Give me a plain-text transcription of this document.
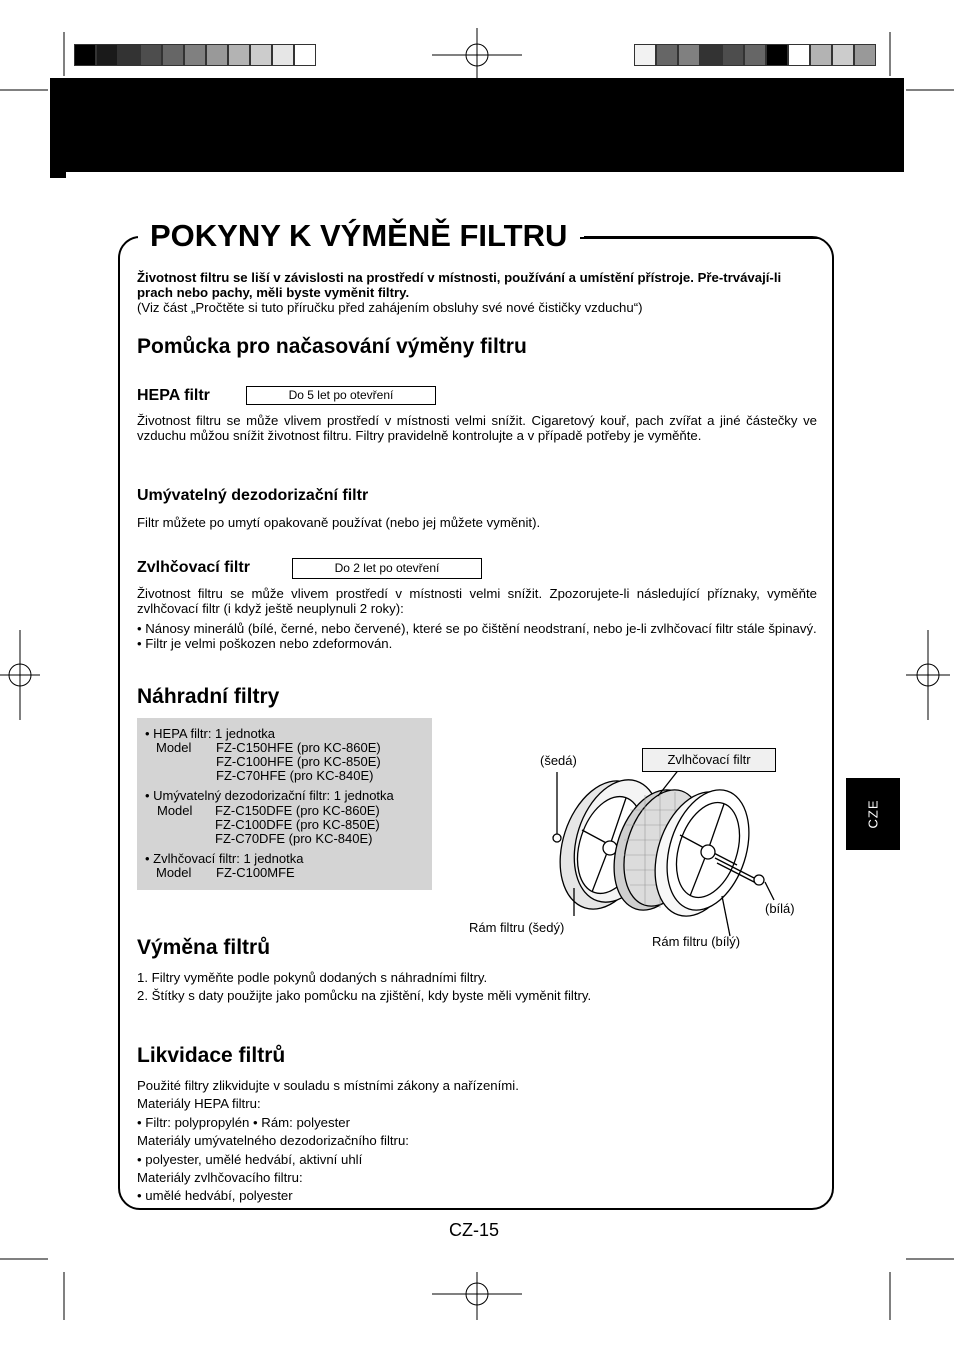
POKYNY K VÝMĚNĚ FILTRU

Životnost filtru se liší v závislosti na prostředí v místnosti, používání a umístění přístroje. Pře-trvávají-li prach nebo pachy, měli byste vyměnit filtry.

(Viz část „Pročtěte si tuto příručku před zahájením obsluhy své nové čističky vzduchu“)

Pomůcka pro načasování výměny filtru
HEPA filtr	Do 5 let po otevření
Životnost filtru se může vlivem prostředí v místnosti velmi snížit. Cigaretový kouř, pach zvířat a jiné částečky ve vzduchu můžou snížit životnost filtru. Filtry pravidelně kontrolujte a v případě potřeby je vyměňte.
Umývatelný dezodorizační filtr
Filtr můžete po umytí opakovaně používat (nebo jej můžete vyměnit).
Zvlhčovací filtr	Do 2 let po otevření
Životnost filtru se může vlivem prostředí v místnosti velmi snížit. Zpozorujete-li následující příznaky, vyměňte zvlhčovací filtr (i když ještě neuplynuli 2 roky):

• Nánosy minerálů (bílé, černé, nebo červené), které se po čištění neodstraní, nebo je-li zvlhčovací filtr stále špinavý.

• Filtr je velmi poškozen nebo zdeformován.

Náhradní filtry
• HEPA filtr: 1 jednotka
Model FZ-C150HFE (pro KC-860E)
FZ-C100HFE (pro KC-850E)
FZ-C70HFE (pro KC-840E)
• Umývatelný dezodorizační filtr: 1 jednotka
Model FZ-C150DFE (pro KC-860E)
FZ-C100DFE (pro KC-850E)
FZ-C70DFE (pro KC-840E)
• Zvlhčovací filtr: 1 jednotka
Model FZ-C100MFE
(šedá)	Zvlhčovací filtr
(bílá)
Rám filtru (šedý)
Rám filtru (bílý)
CZE
Výměna filtrů

1. Filtry vyměňte podle pokynů dodaných s náhradními filtry.

2. Štítky s daty použijte jako pomůcku na zjištění, kdy byste měli vyměnit filtry.

Likvidace filtrů

Použité filtry zlikvidujte v souladu s místními zákony a nařízeními.

Materiály HEPA filtru:

• Filtr: polypropylén • Rám: polyester

Materiály umývatelného dezodorizačního filtru:

• polyester, umělé hedvábí, aktivní uhlí

Materiály zvlhčovacího filtru:

• umělé hedvábí, polyester

CZ-15
